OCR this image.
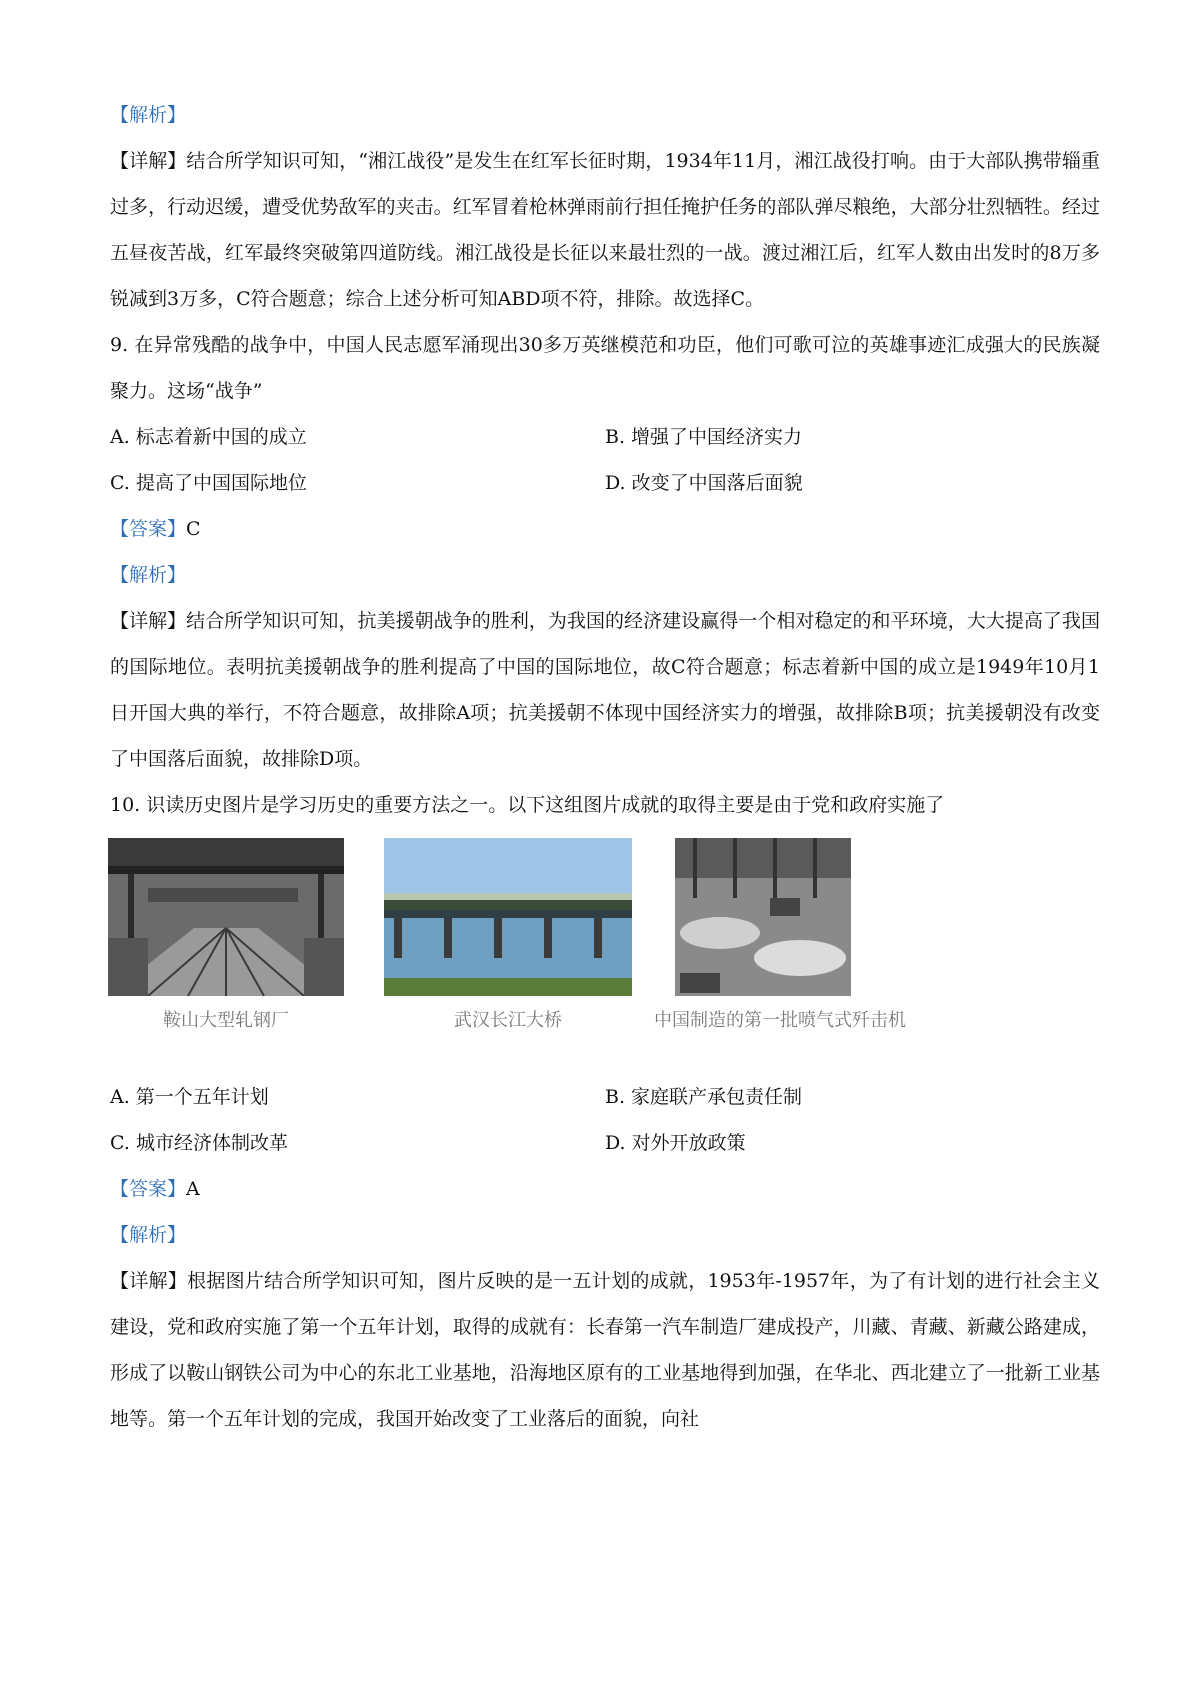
【解析】
【详解】结合所学知识可知，“湘江战役”是发生在红军长征时期，1934年11月，湘江战役打响。由于大部队携带辎重过多，行动迟缓，遭受优势敌军的夹击。红军冒着枪林弹雨前行担任掩护任务的部队弹尽粮绝，大部分壮烈牺牲。经过五昼夜苦战，红军最终突破第四道防线。湘江战役是长征以来最壮烈的一战。渡过湘江后，红军人数由出发时的8万多锐减到3万多，C符合题意；综合上述分析可知ABD项不符，排除。故选择C。
9. 在异常残酷的战争中，中国人民志愿军涌现出30多万英继模范和功臣，他们可歌可泣的英雄事迹汇成强大的民族凝聚力。这场“战争”
A. 标志着新中国的成立	B. 增强了中国经济实力
C. 提高了中国国际地位	D. 改变了中国落后面貌
【答案】C
【解析】
【详解】结合所学知识可知，抗美援朝战争的胜利，为我国的经济建设赢得一个相对稳定的和平环境，大大提高了我国的国际地位。表明抗美援朝战争的胜利提高了中国的国际地位，故C符合题意；标志着新中国的成立是1949年10月1日开国大典的举行，不符合题意，故排除A项；抗美援朝不体现中国经济实力的增强，故排除B项；抗美援朝没有改变了中国落后面貌，故排除D项。
10. 识读历史图片是学习历史的重要方法之一。以下这组图片成就的取得主要是由于党和政府实施了
鞍山大型轧钢厂	武汉长江大桥	中国制造的第一批喷气式歼击机
A. 第一个五年计划	B. 家庭联产承包责任制
C. 城市经济体制改革	D. 对外开放政策
【答案】A
【解析】
【详解】根据图片结合所学知识可知，图片反映的是一五计划的成就，1953年-1957年，为了有计划的进行社会主义建设，党和政府实施了第一个五年计划，取得的成就有：长春第一汽车制造厂建成投产，川藏、青藏、新藏公路建成，形成了以鞍山钢铁公司为中心的东北工业基地，沿海地区原有的工业基地得到加强，在华北、西北建立了一批新工业基地等。第一个五年计划的完成，我国开始改变了工业落后的面貌，向社
